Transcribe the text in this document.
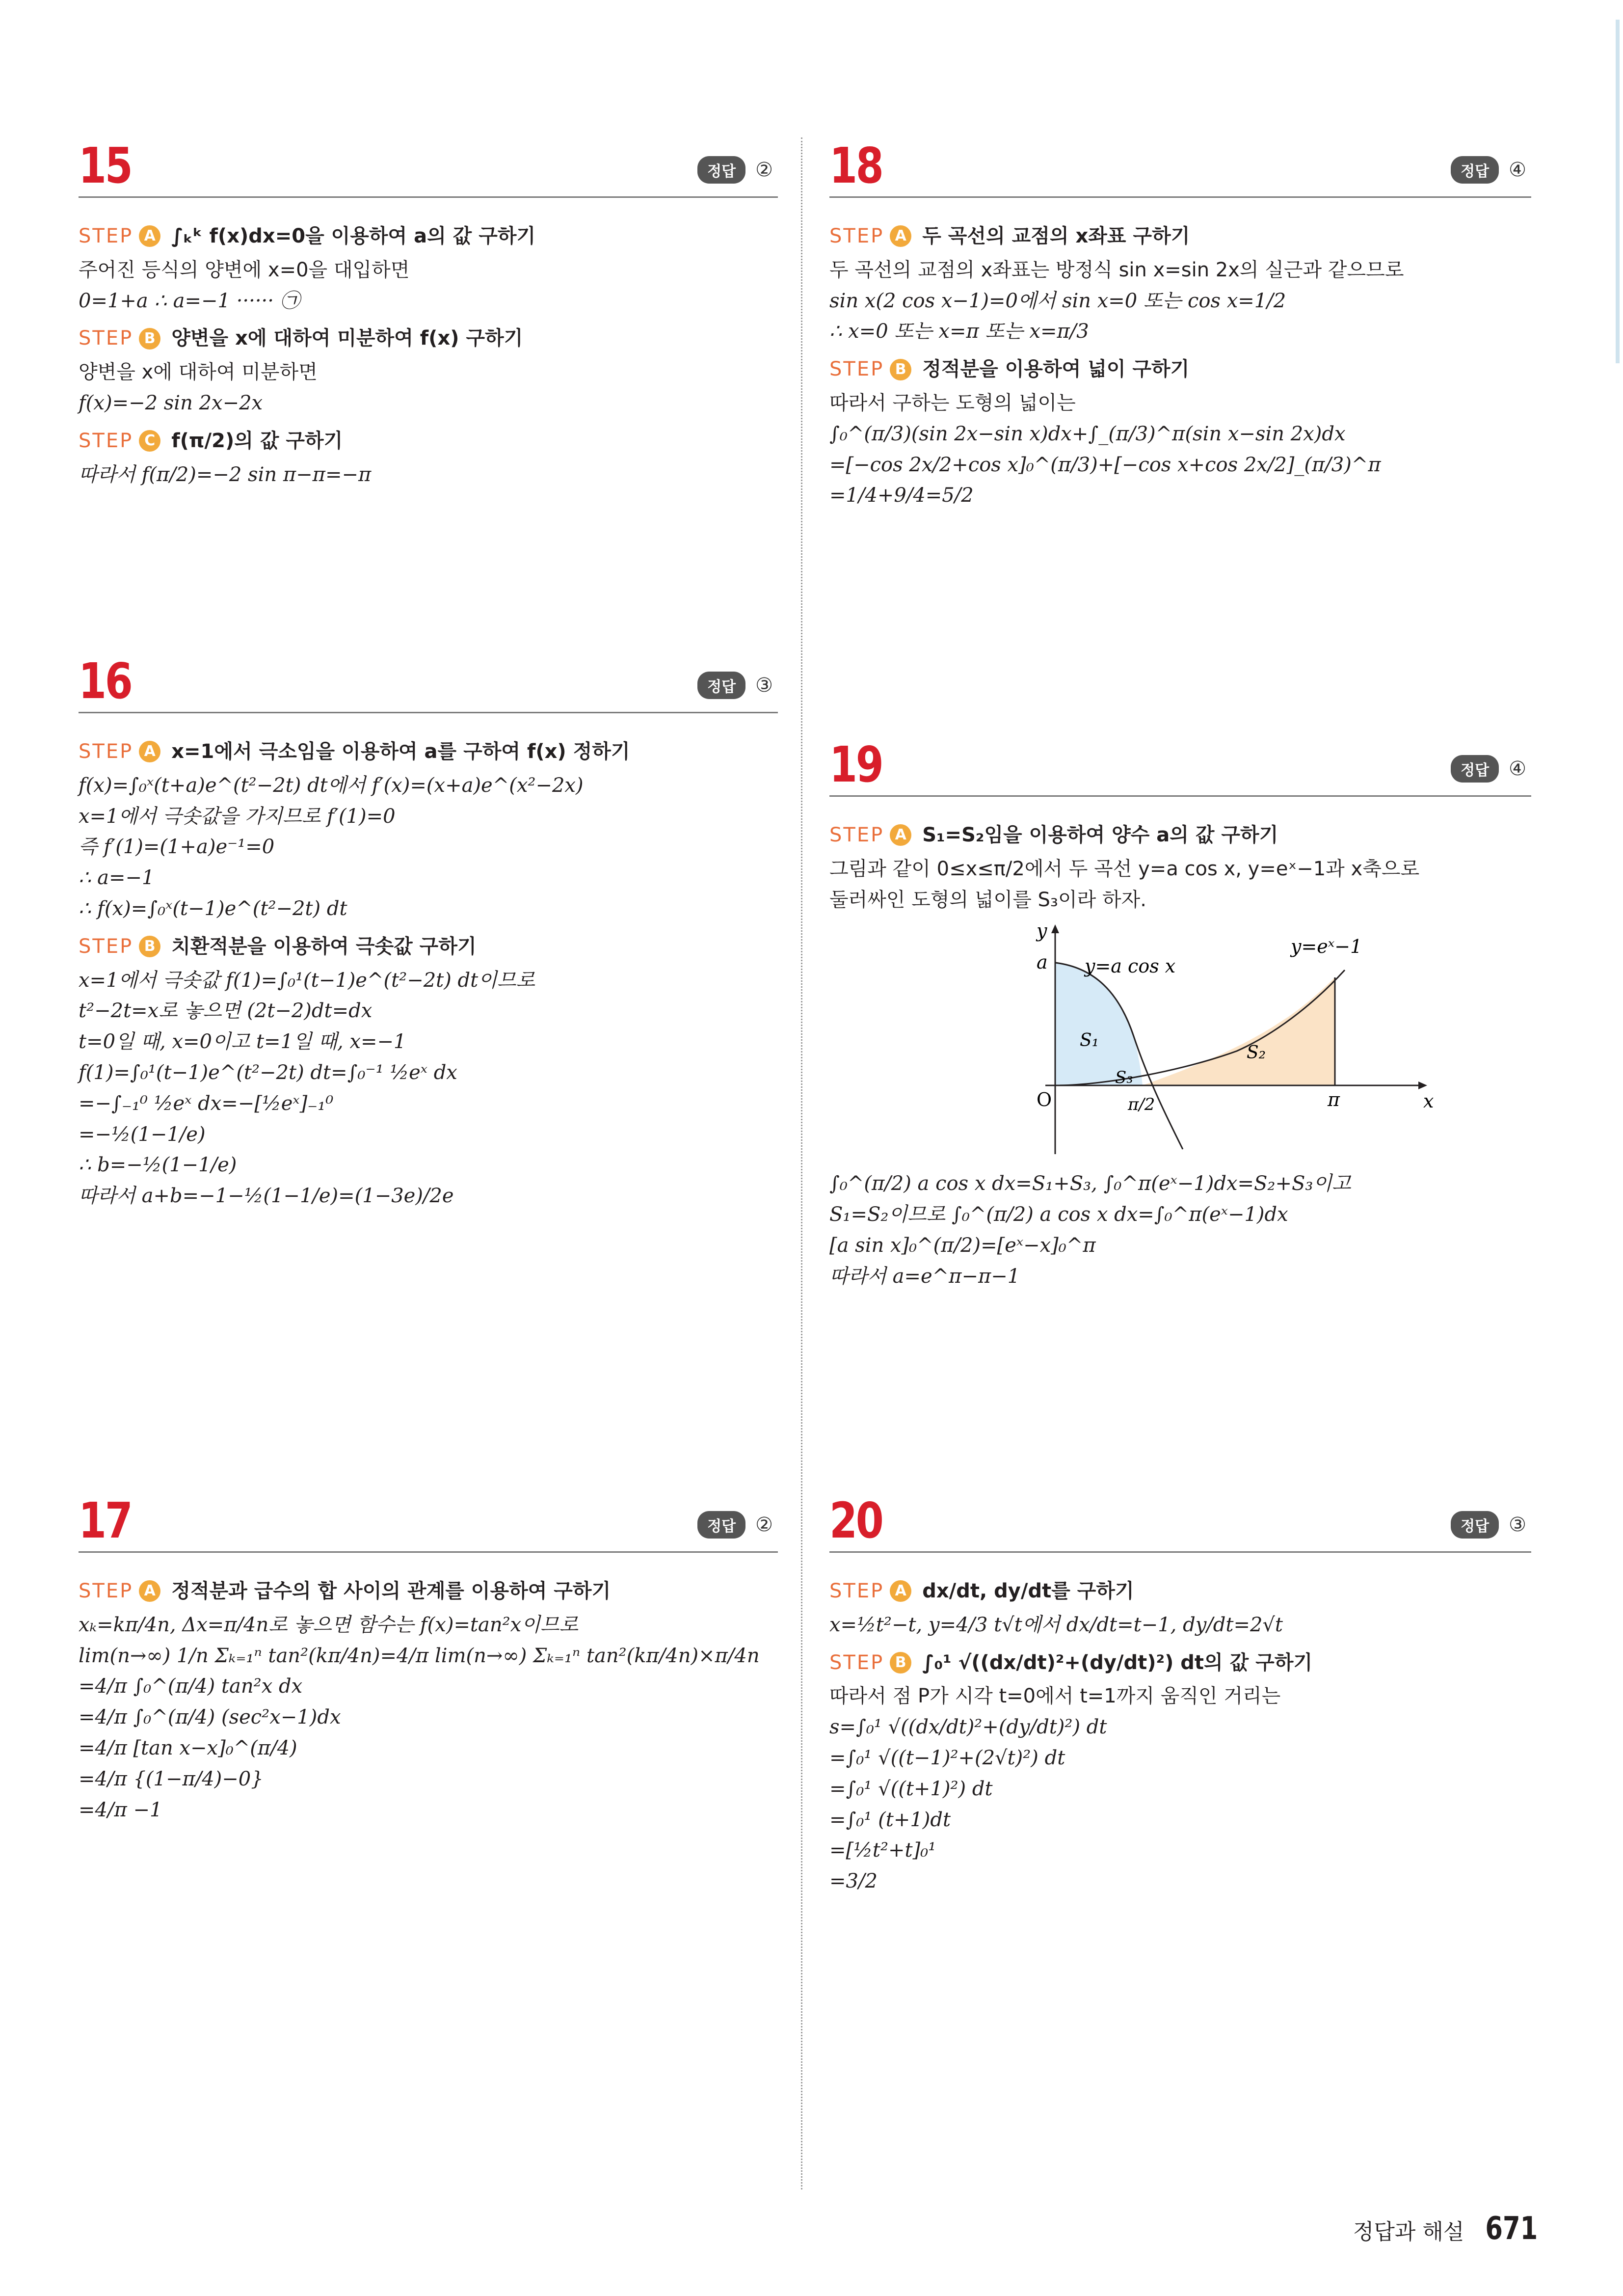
15	정답	②
STEP A ∫ₖᵏ f(x)dx=0을 이용하여 a의 값 구하기
주어진 등식의 양변에 x=0을 대입하면
0=1+a ∴ a=−1 ······ ㉠
STEP B 양변을 x에 대하여 미분하여 f(x) 구하기
양변을 x에 대하여 미분하면
f(x)=−2 sin 2x−2x
STEP C f(π/2)의 값 구하기
따라서 f(π/2)=−2 sin π−π=−π
16	정답	③
STEP A x=1에서 극소임을 이용하여 a를 구하여 f(x) 정하기
f(x)=∫₀ˣ(t+a)e^(t²−2t) dt에서 f′(x)=(x+a)e^(x²−2x)
x=1에서 극솟값을 가지므로 f′(1)=0
즉 f′(1)=(1+a)e⁻¹=0
∴ a=−1
∴ f(x)=∫₀ˣ(t−1)e^(t²−2t) dt
STEP B 치환적분을 이용하여 극솟값 구하기
x=1에서 극솟값 f(1)=∫₀¹(t−1)e^(t²−2t) dt이므로
t²−2t=x로 놓으면 (2t−2)dt=dx
t=0일 때, x=0이고 t=1일 때, x=−1
f(1)=∫₀¹(t−1)e^(t²−2t) dt=∫₀⁻¹ ½eˣ dx
=−∫₋₁⁰ ½eˣ dx=−[½eˣ]₋₁⁰
=−½(1−1/e)
∴ b=−½(1−1/e)
따라서 a+b=−1−½(1−1/e)=(1−3e)/2e
17	정답	②
STEP A 정적분과 급수의 합 사이의 관계를 이용하여 구하기
xₖ=kπ/4n, Δx=π/4n로 놓으면 함수는 f(x)=tan²x이므로
lim(n→∞) 1/n Σₖ₌₁ⁿ tan²(kπ/4n)=4/π lim(n→∞) Σₖ₌₁ⁿ tan²(kπ/4n)×π/4n
=4/π ∫₀^(π/4) tan²x dx
=4/π ∫₀^(π/4) (sec²x−1)dx
=4/π [tan x−x]₀^(π/4)
=4/π {(1−π/4)−0}
=4/π −1
18	정답	④
STEP A 두 곡선의 교점의 x좌표 구하기
두 곡선의 교점의 x좌표는 방정식 sin x=sin 2x의 실근과 같으므로
sin x(2 cos x−1)=0에서 sin x=0 또는 cos x=1/2
∴ x=0 또는 x=π 또는 x=π/3
STEP B 정적분을 이용하여 넓이 구하기
따라서 구하는 도형의 넓이는
∫₀^(π/3)(sin 2x−sin x)dx+∫_(π/3)^π(sin x−sin 2x)dx
=[−cos 2x/2+cos x]₀^(π/3)+[−cos x+cos 2x/2]_(π/3)^π
=1/4+9/4=5/2
19	정답	④
STEP A S₁=S₂임을 이용하여 양수 a의 값 구하기
그림과 같이 0≤x≤π/2에서 두 곡선 y=a cos x, y=eˣ−1과 x축으로
둘러싸인 도형의 넓이를 S₃이라 하자.
y
a y=a cos x
y=eˣ−1
S₁
S₂
S₃
O	π/2	π	x
∫₀^(π/2) a cos x dx=S₁+S₃, ∫₀^π(eˣ−1)dx=S₂+S₃이고
S₁=S₂이므로 ∫₀^(π/2) a cos x dx=∫₀^π(eˣ−1)dx
[a sin x]₀^(π/2)=[eˣ−x]₀^π
따라서 a=e^π−π−1
20	정답	③
STEP A dx/dt, dy/dt를 구하기
x=½t²−t, y=4/3 t√t에서 dx/dt=t−1, dy/dt=2√t
STEP B ∫₀¹ √((dx/dt)²+(dy/dt)²) dt의 값 구하기
따라서 점 P가 시각 t=0에서 t=1까지 움직인 거리는
s=∫₀¹ √((dx/dt)²+(dy/dt)²) dt
=∫₀¹ √((t−1)²+(2√t)²) dt
=∫₀¹ √((t+1)²) dt
=∫₀¹ (t+1)dt
=[½t²+t]₀¹
=3/2
정답과 해설 671
